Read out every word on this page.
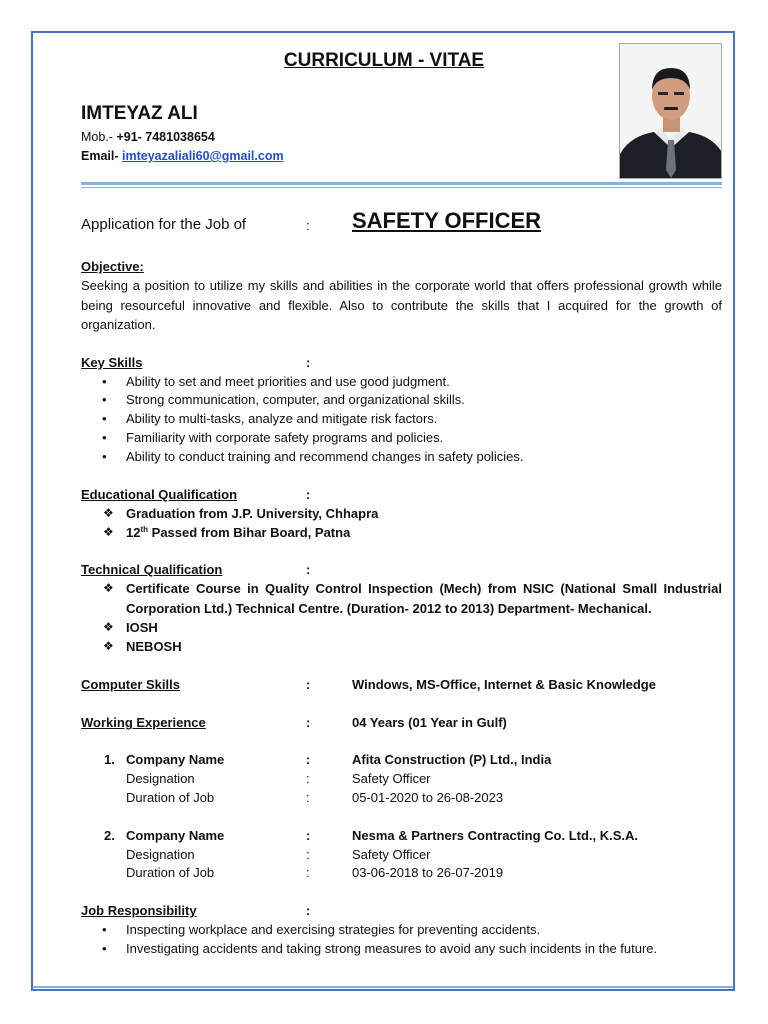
CURRICULUM - VITAE
IMTEYAZ ALI
Mob.- +91- 7481038654
Email- imteyazaliali60@gmail.com
Application for the Job of	: SAFETY OFFICER
Objective:
Seeking a position to utilize my skills and abilities in the corporate world that offers professional growth while being resourceful innovative and flexible. Also to contribute the skills that I acquired for the growth of organization.
Key Skills	:
• Ability to set and meet priorities and use good judgment.
• Strong communication, computer, and organizational skills.
• Ability to multi-tasks, analyze and mitigate risk factors.
• Familiarity with corporate safety programs and policies.
• Ability to conduct training and recommend changes in safety policies.
Educational Qualification	:
❖ Graduation from J.P. University, Chhapra
❖ 12th Passed from Bihar Board, Patna
Technical Qualification	:
❖ Certificate Course in Quality Control Inspection (Mech) from NSIC (National Small Industrial Corporation Ltd.) Technical Centre. (Duration- 2012 to 2013) Department- Mechanical.
❖ IOSH
❖ NEBOSH
Computer Skills	:	Windows, MS-Office, Internet & Basic Knowledge
Working Experience	:	04 Years (01 Year in Gulf)
1. Company Name	:	Afita Construction (P) Ltd., India
Designation	:	Safety Officer
Duration of Job	:	05-01-2020 to 26-08-2023
2. Company Name	:	Nesma & Partners Contracting Co. Ltd., K.S.A.
Designation	:	Safety Officer
Duration of Job	:	03-06-2018 to 26-07-2019
Job Responsibility	:
• Inspecting workplace and exercising strategies for preventing accidents.
• Investigating accidents and taking strong measures to avoid any such incidents in the future.
